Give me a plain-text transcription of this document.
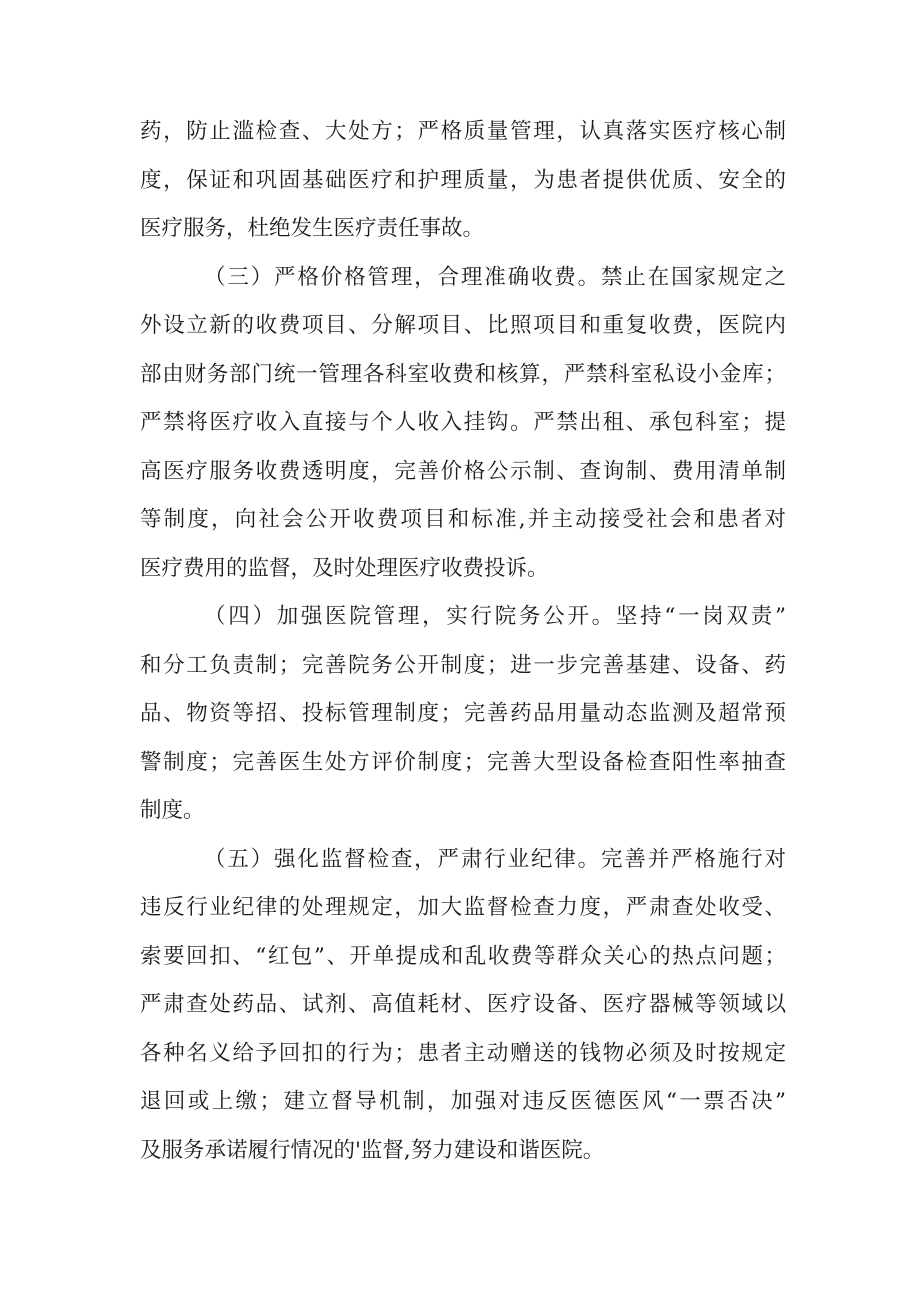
药，防止滥检查、大处方；严格质量管理，认真落实医疗核心制
度，保证和巩固基础医疗和护理质量，为患者提供优质、安全的
医疗服务，杜绝发生医疗责任事故。
（三）严格价格管理，合理准确收费。禁止在国家规定之
外设立新的收费项目、分解项目、比照项目和重复收费，医院内
部由财务部门统一管理各科室收费和核算，严禁科室私设小金库；
严禁将医疗收入直接与个人收入挂钩。严禁出租、承包科室；提
高医疗服务收费透明度，完善价格公示制、查询制、费用清单制
等制度，向社会公开收费项目和标准,并主动接受社会和患者对
医疗费用的监督，及时处理医疗收费投诉。
（四）加强医院管理，实行院务公开。坚持“一岗双责”
和分工负责制；完善院务公开制度；进一步完善基建、设备、药
品、物资等招、投标管理制度；完善药品用量动态监测及超常预
警制度；完善医生处方评价制度；完善大型设备检查阳性率抽查
制度。
（五）强化监督检查，严肃行业纪律。完善并严格施行对
违反行业纪律的处理规定，加大监督检查力度，严肃查处收受、
索要回扣、“红包”、开单提成和乱收费等群众关心的热点问题；
严肃查处药品、试剂、高值耗材、医疗设备、医疗器械等领域以
各种名义给予回扣的行为；患者主动赠送的钱物必须及时按规定
退回或上缴；建立督导机制，加强对违反医德医风“一票否决”
及服务承诺履行情况的'监督,努力建设和谐医院。
